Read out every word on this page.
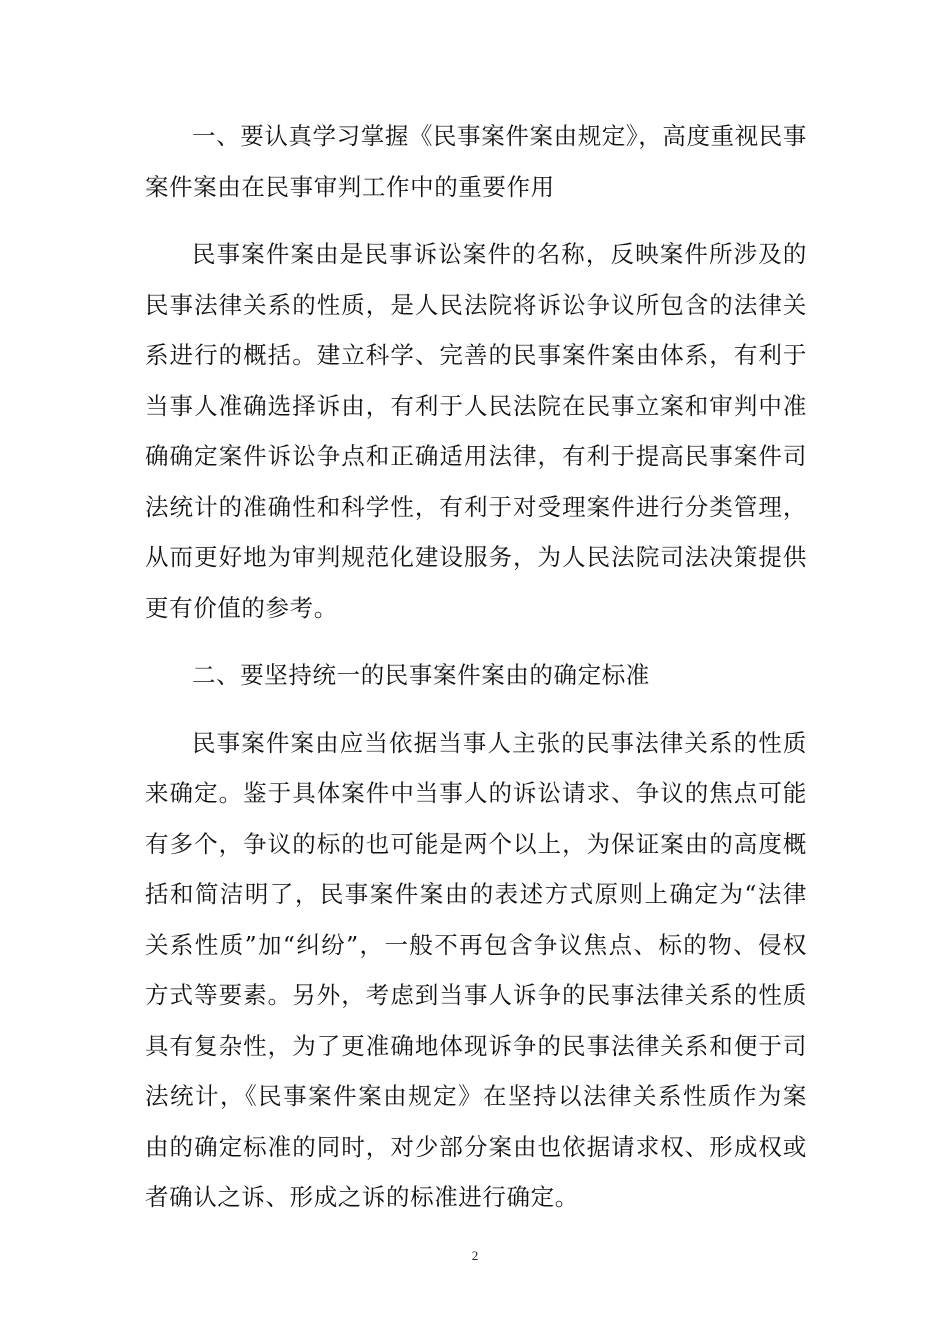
一、要认真学习掌握《民事案件案由规定》，高度重视民事案件案由在民事审判工作中的重要作用

民事案件案由是民事诉讼案件的名称，反映案件所涉及的民事法律关系的性质，是人民法院将诉讼争议所包含的法律关系进行的概括。建立科学、完善的民事案件案由体系，有利于当事人准确选择诉由，有利于人民法院在民事立案和审判中准确确定案件诉讼争点和正确适用法律，有利于提高民事案件司法统计的准确性和科学性，有利于对受理案件进行分类管理，从而更好地为审判规范化建设服务，为人民法院司法决策提供更有价值的参考。

二、要坚持统一的民事案件案由的确定标准

民事案件案由应当依据当事人主张的民事法律关系的性质来确定。鉴于具体案件中当事人的诉讼请求、争议的焦点可能有多个，争议的标的也可能是两个以上，为保证案由的高度概括和简洁明了，民事案件案由的表述方式原则上确定为“法律关系性质”加“纠纷”，一般不再包含争议焦点、标的物、侵权方式等要素。另外，考虑到当事人诉争的民事法律关系的性质具有复杂性，为了更准确地体现诉争的民事法律关系和便于司法统计，《民事案件案由规定》在坚持以法律关系性质作为案由的确定标准的同时，对少部分案由也依据请求权、形成权或者确认之诉、形成之诉的标准进行确定。

2
